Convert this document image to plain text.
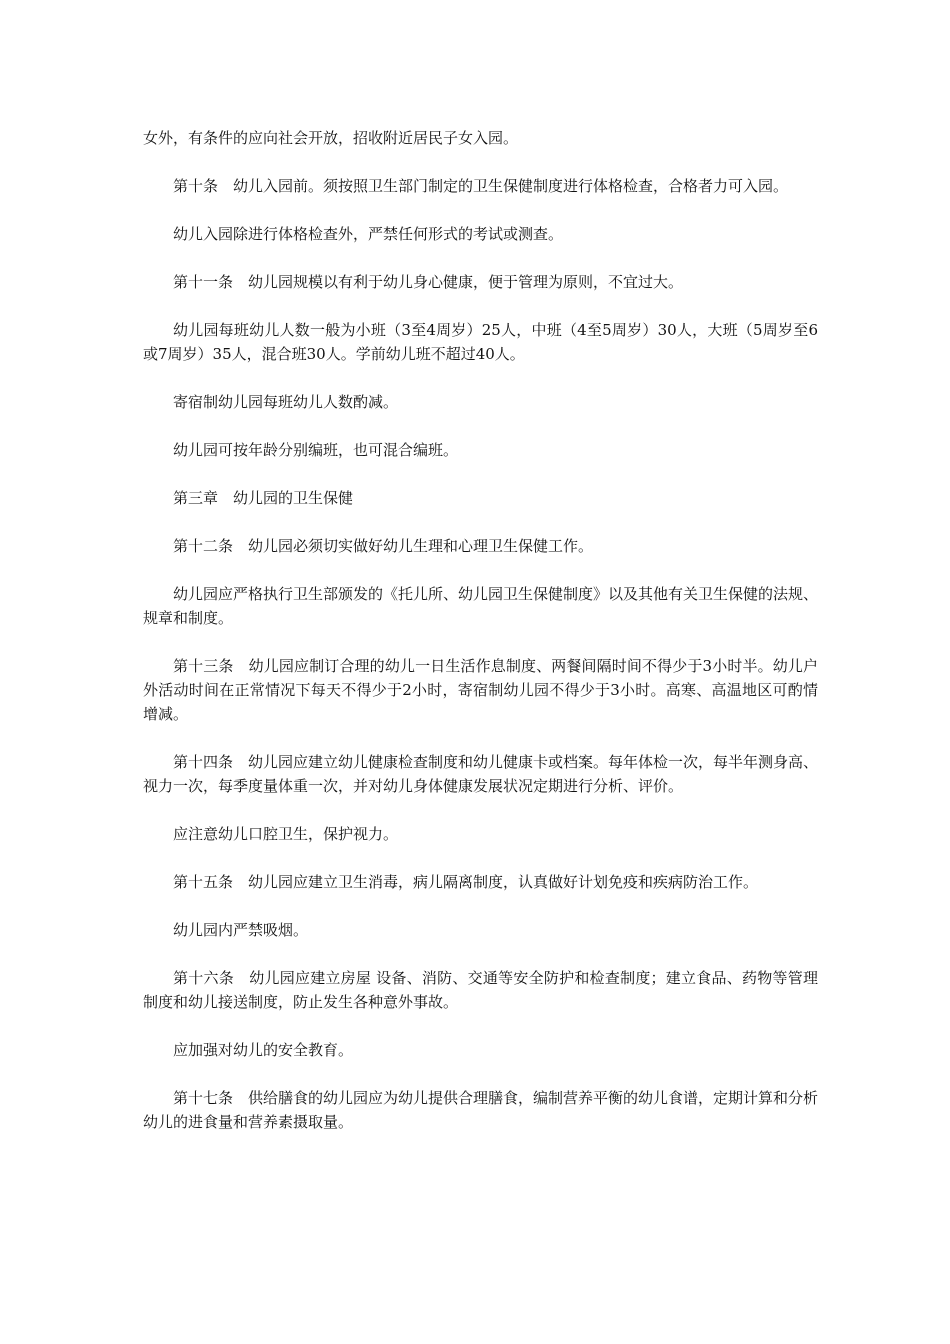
女外，有条件的应向社会开放，招收附近居民子女入园。

第十条　幼儿入园前。须按照卫生部门制定的卫生保健制度进行体格检查，合格者力可入园。

幼儿入园除进行体格检查外，严禁任何形式的考试或测查。

第十一条　幼儿园规模以有利于幼儿身心健康，便于管理为原则，不宜过大。

幼儿园每班幼儿人数一般为小班（3至4周岁）25人，中班（4至5周岁）30人，大班（5周岁至6或7周岁）35人，混合班30人。学前幼儿班不超过40人。

寄宿制幼儿园每班幼儿人数酌减。

幼儿园可按年龄分别编班，也可混合编班。

第三章　幼儿园的卫生保健

第十二条　幼儿园必须切实做好幼儿生理和心理卫生保健工作。

幼儿园应严格执行卫生部颁发的《托儿所、幼儿园卫生保健制度》以及其他有关卫生保健的法规、规章和制度。

第十三条　幼儿园应制订合理的幼儿一日生活作息制度、两餐间隔时间不得少于3小时半。幼儿户外活动时间在正常情况下每天不得少于2小时，寄宿制幼儿园不得少于3小时。高寒、高温地区可酌情增减。

第十四条　幼儿园应建立幼儿健康检查制度和幼儿健康卡或档案。每年体检一次，每半年测身高、视力一次，每季度量体重一次，并对幼儿身体健康发展状况定期进行分析、评价。

应注意幼儿口腔卫生，保护视力。

第十五条　幼儿园应建立卫生消毒，病儿隔离制度，认真做好计划免疫和疾病防治工作。

幼儿园内严禁吸烟。

第十六条　幼儿园应建立房屋 设备、消防、交通等安全防护和检查制度；建立食品、药物等管理制度和幼儿接送制度，防止发生各种意外事故。

应加强对幼儿的安全教育。

第十七条　供给膳食的幼儿园应为幼儿提供合理膳食，编制营养平衡的幼儿食谱，定期计算和分析幼儿的进食量和营养素摄取量。
